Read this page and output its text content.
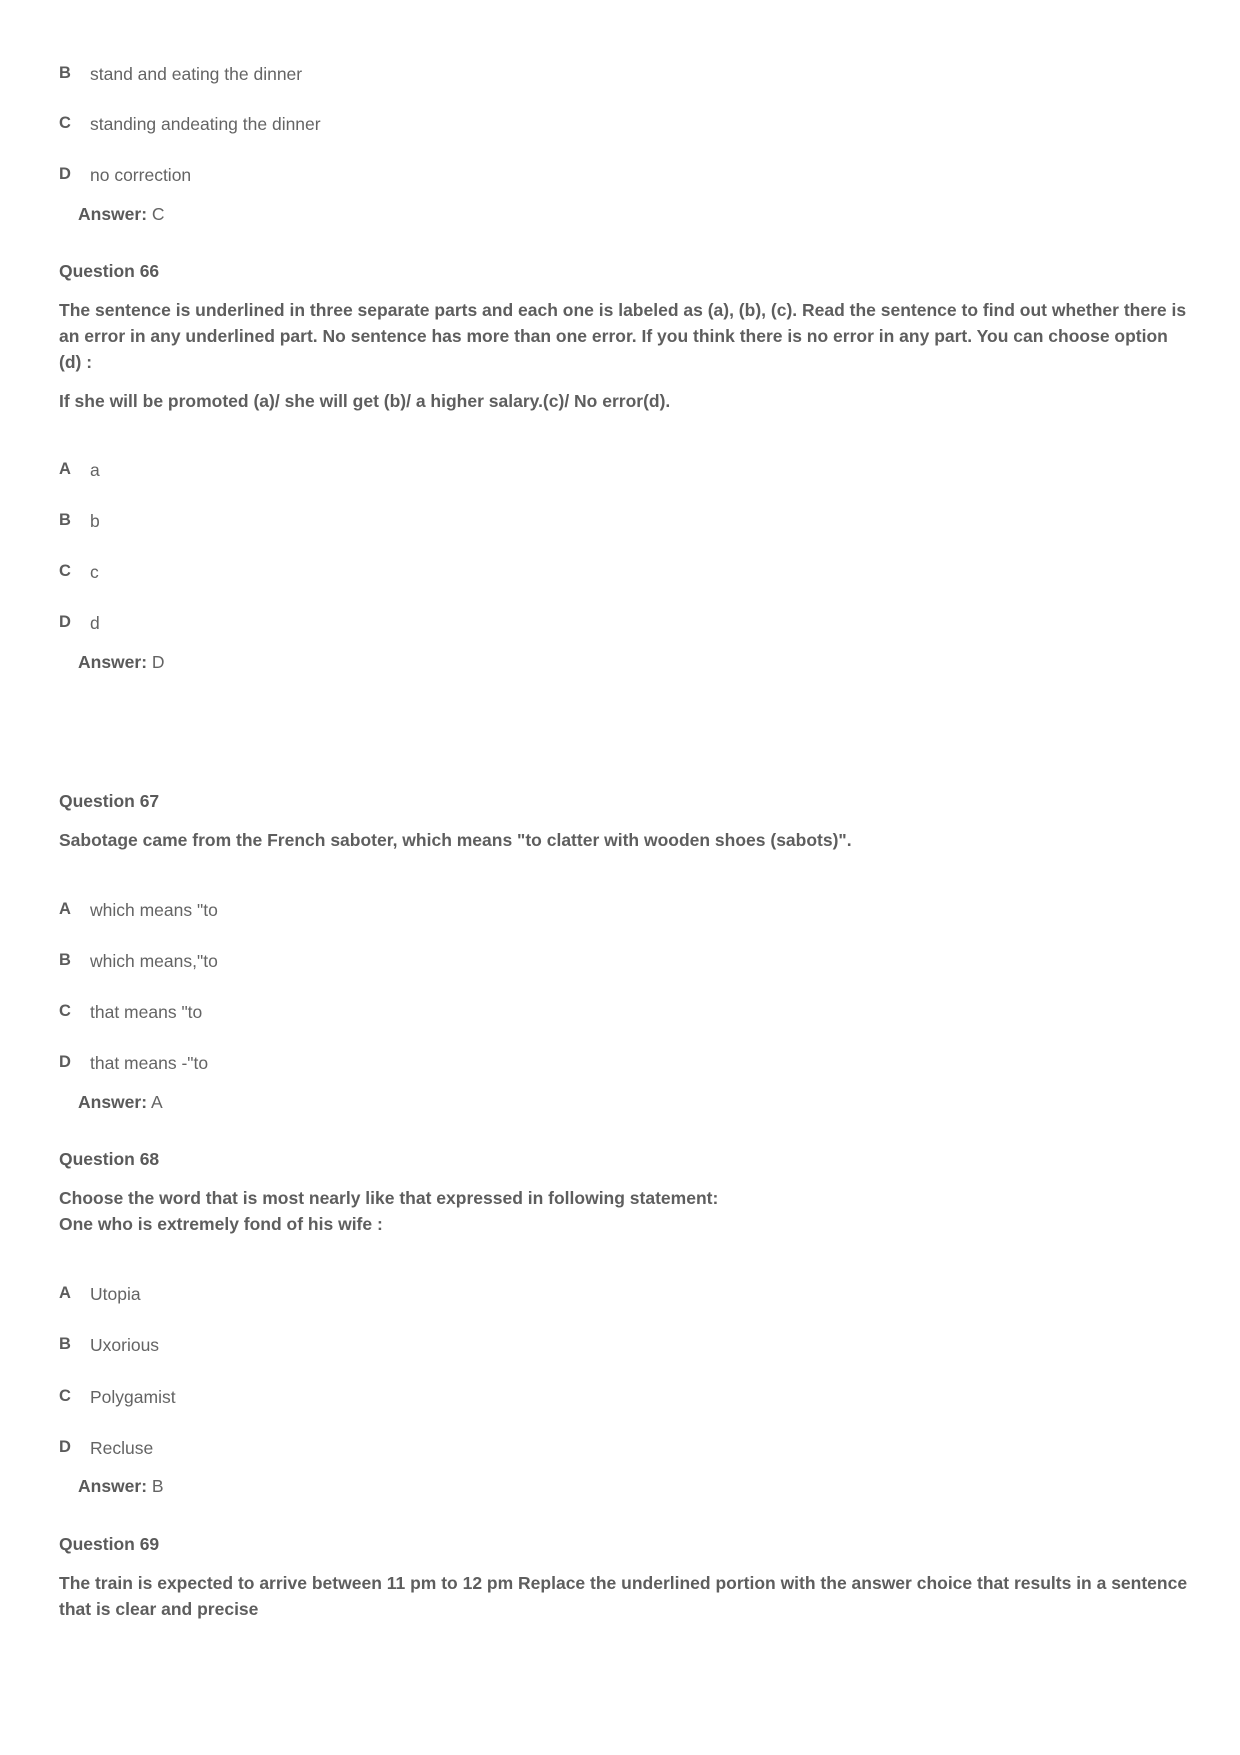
B stand and eating the dinner
C standing andeating the dinner
D no correction
Answer: C
Question 66
The sentence is underlined in three separate parts and each one is labeled as (a), (b), (c). Read the sentence to find out whether there is an error in any underlined part. No sentence has more than one error. If you think there is no error in any part. You can choose option (d) :
If she will be promoted (a)/ she will get (b)/ a higher salary.(c)/ No error(d).
A a
B b
C c
D d
Answer: D
Question 67
Sabotage came from the French saboter, which means "to clatter with wooden shoes (sabots)".
A which means "to
B which means,"to
C that means "to
D that means -"to
Answer: A
Question 68
Choose the word that is most nearly like that expressed in following statement:
One who is extremely fond of his wife :
A Utopia
B Uxorious
C Polygamist
D Recluse
Answer: B
Question 69
The train is expected to arrive between 11 pm to 12 pm Replace the underlined portion with the answer choice that results in a sentence that is clear and precise
